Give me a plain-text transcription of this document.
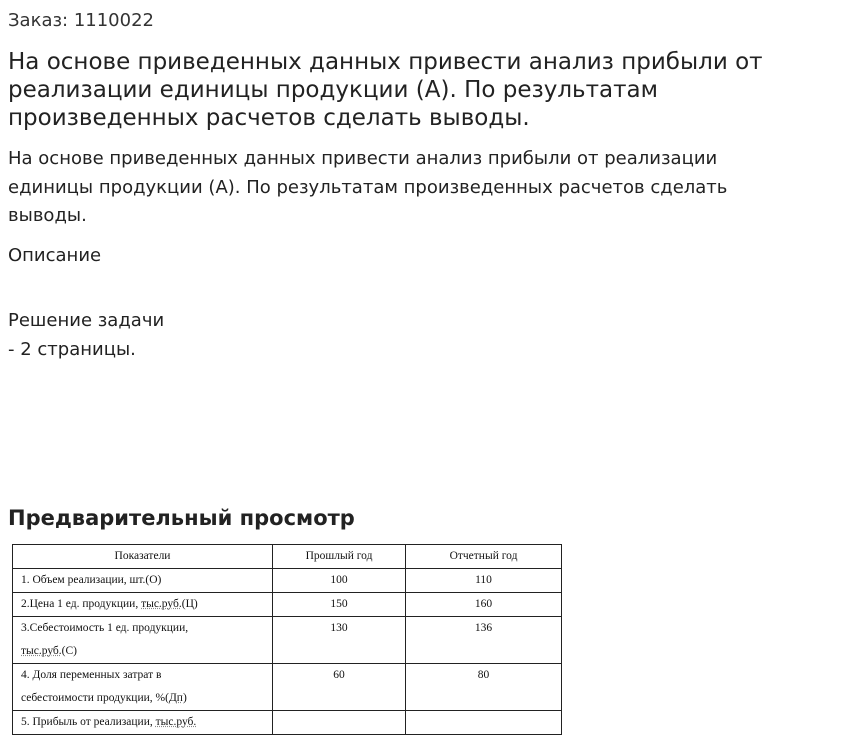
Заказ: 1110022
На основе приведенных данных привести анализ прибыли от реализации единицы продукции (А). По результатам произведенных расчетов сделать выводы.
На основе приведенных данных привести анализ прибыли от реализации единицы продукции (А). По результатам произведенных расчетов сделать выводы.
Описание
Решение задачи
- 2 страницы.
Предварительный просмотр
Показатели	Прошлый год	Отчетный год
1. Объем реализации, шт.(О)	100	110
2.Цена 1 ед. продукции, тыс.руб.(Ц)	150	160

3.Себестоимость 1 ед. продукции,
тыс.руб.(С)	130	136

4. Доля переменных затрат в
себестоимости продукции, %(Дп)	60	80
5. Прибыль от реализации, тыс.руб.		
